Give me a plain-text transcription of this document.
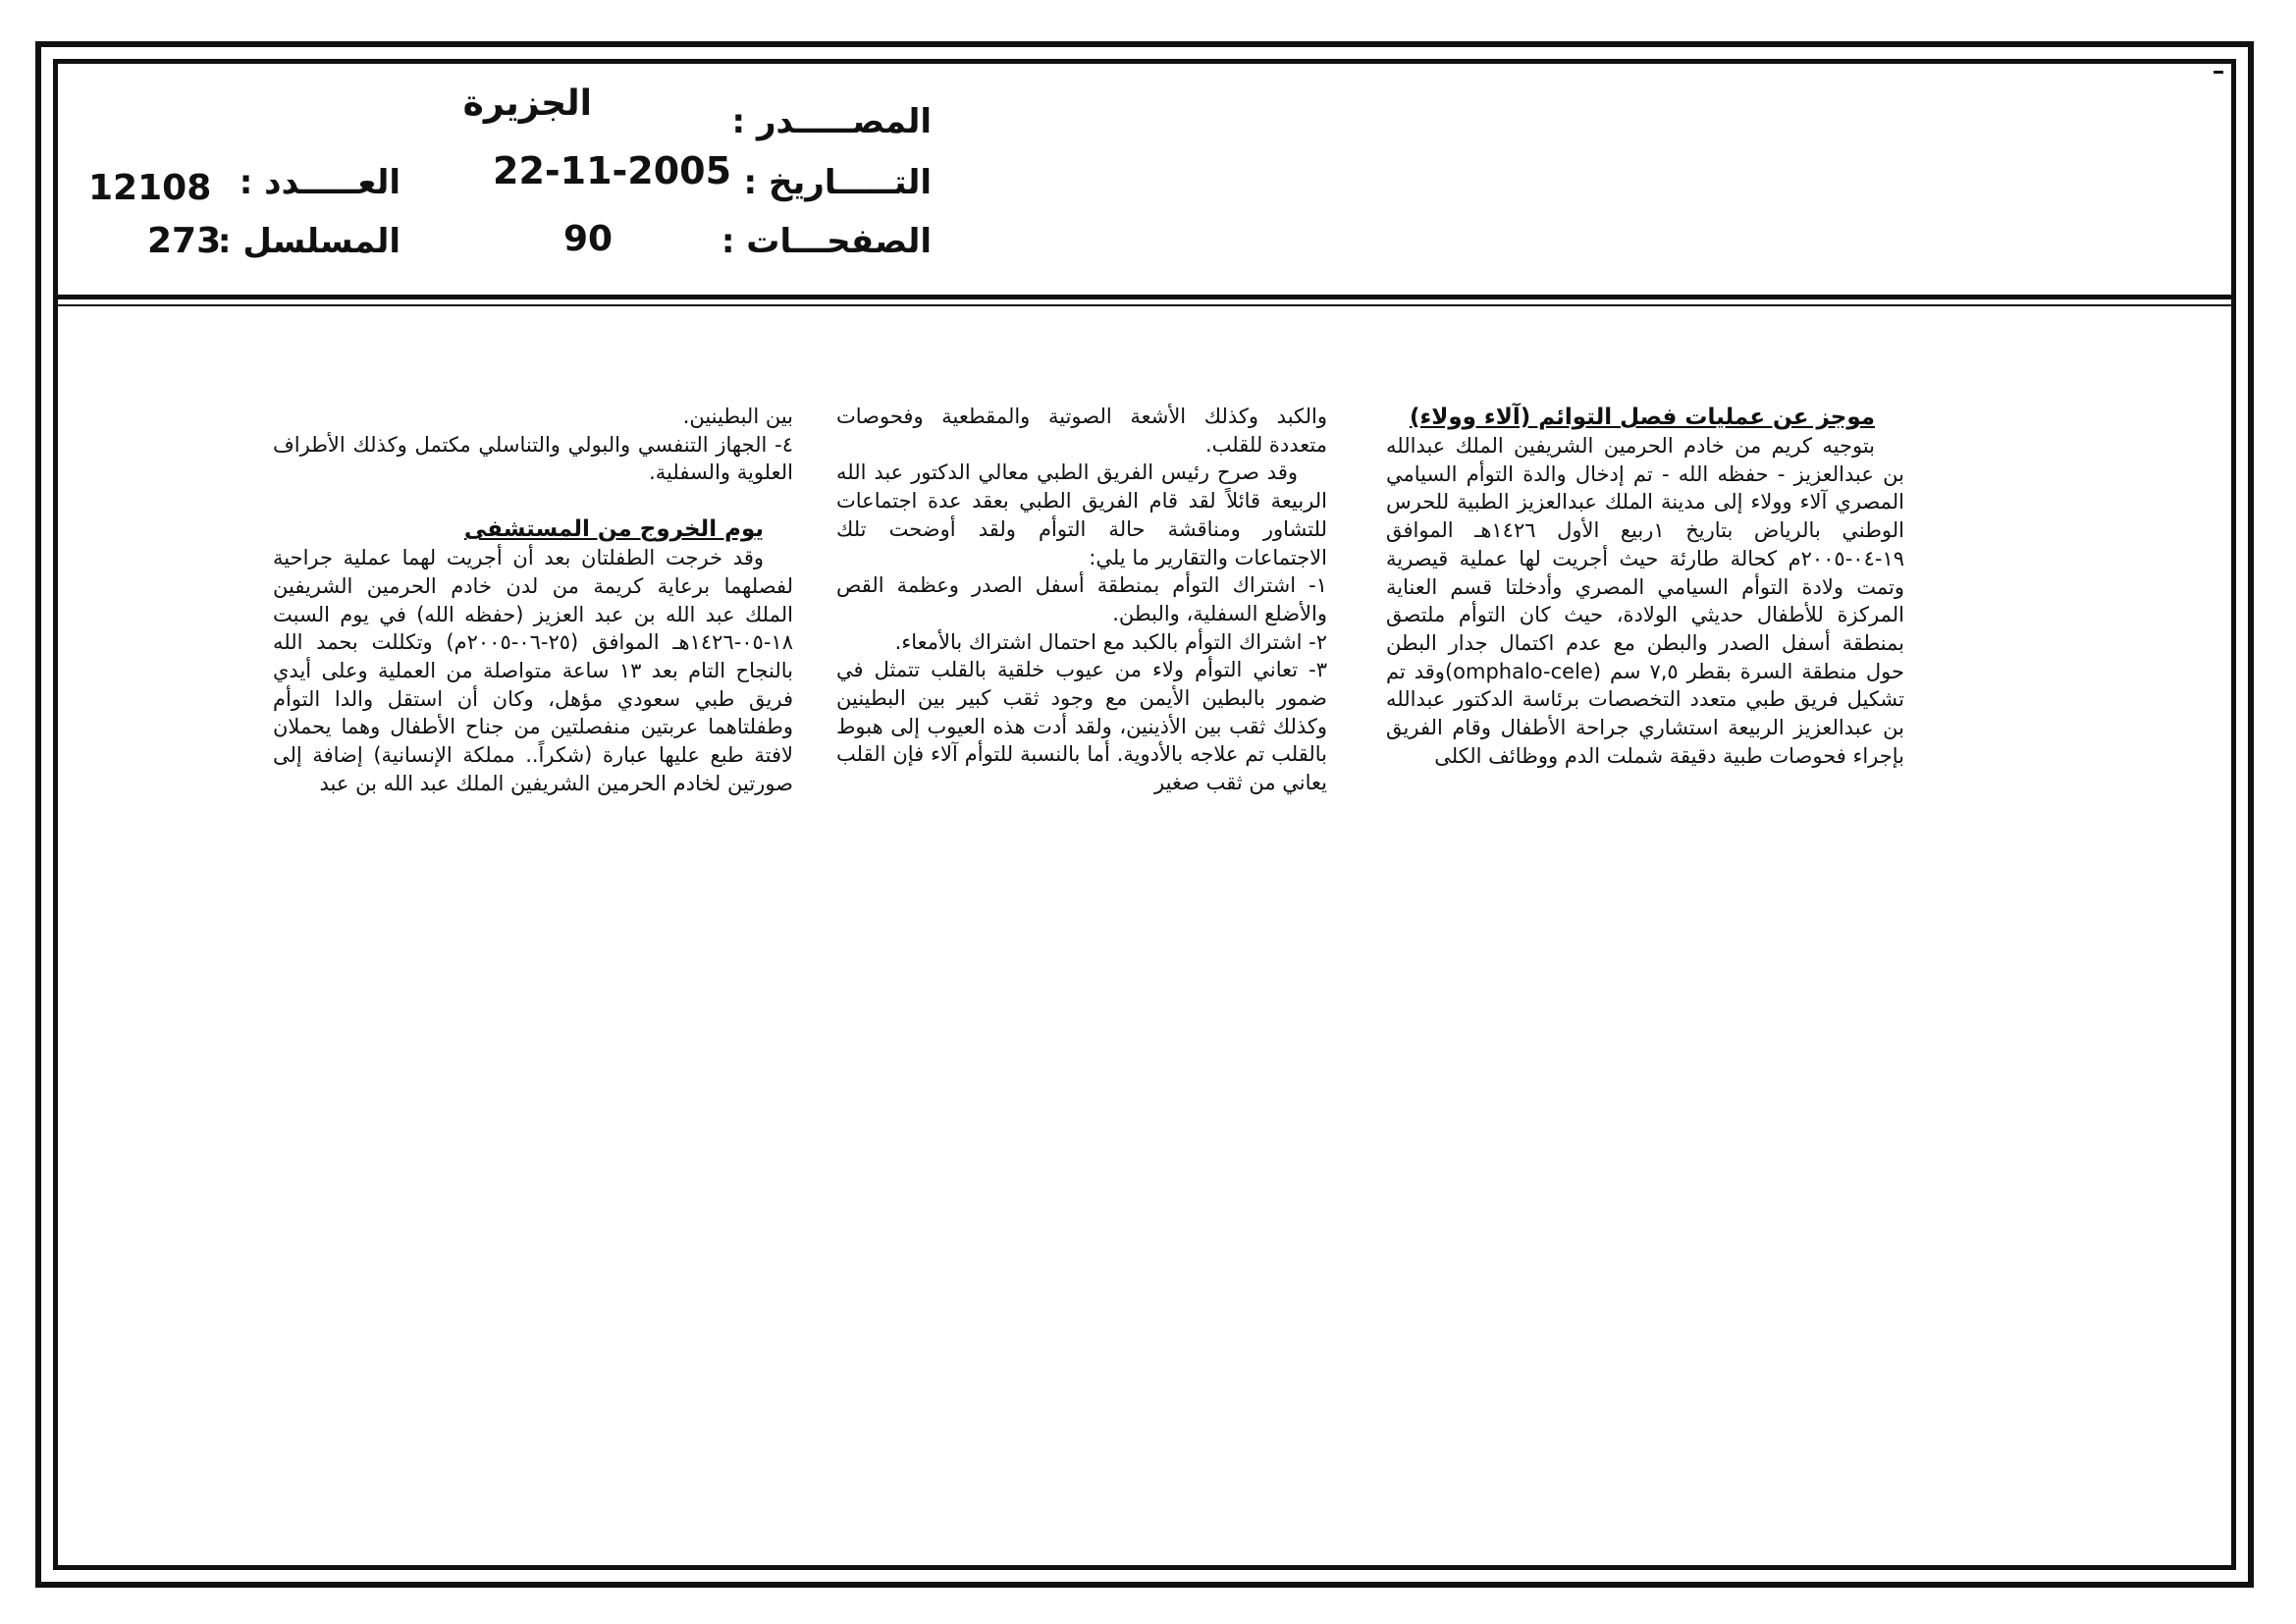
المصـــــدر :
التـــــاريخ :
الصفحـــات :
الجزيرة
22-11-2005
90
العـــــدد :
المسلسل :
12108
273
موجز عن عمليات فصل التوائم (آلاء وولاء)

بتوجيه كريم من خادم الحرمين الشريفين الملك عبدالله بن عبدالعزيز - حفظه الله - تم إدخال والدة التوأم السيامي المصري آلاء وولاء إلى مدينة الملك عبدالعزيز الطبية للحرس الوطني بالرياض بتاريخ ١ربيع الأول ١٤٢٦هـ الموافق ١٩-٠٤-٢٠٠٥م كحالة طارئة حيث أجريت لها عملية قيصرية وتمت ولادة التوأم السيامي المصري وأدخلتا قسم العناية المركزة للأطفال حديثي الولادة، حيث كان التوأم ملتصق بمنطقة أسفل الصدر والبطن مع عدم اكتمال جدار البطن حول منطقة السرة بقطر ٧,٥ سم (omphalo-cele)وقد تم تشكيل فريق طبي متعدد التخصصات برئاسة الدكتور عبدالله بن عبدالعزيز الربيعة استشاري جراحة الأطفال وقام الفريق بإجراء فحوصات طبية دقيقة شملت الدم ووظائف الكلى

والكبد وكذلك الأشعة الصوتية والمقطعية وفحوصات متعددة للقلب.

وقد صرح رئيس الفريق الطبي معالي الدكتور عبد الله الربيعة قائلاً لقد قام الفريق الطبي بعقد عدة اجتماعات للتشاور ومناقشة حالة التوأم ولقد أوضحت تلك الاجتماعات والتقارير ما يلي:

١- اشتراك التوأم بمنطقة أسفل الصدر وعظمة القص والأضلع السفلية، والبطن.

٢- اشتراك التوأم بالكبد مع احتمال اشتراك بالأمعاء.

٣- تعاني التوأم ولاء من عيوب خلقية بالقلب تتمثل في ضمور بالبطين الأيمن مع وجود ثقب كبير بين البطينين وكذلك ثقب بين الأذينين، ولقد أدت هذه العيوب إلى هبوط بالقلب تم علاجه بالأدوية. أما بالنسبة للتوأم آلاء فإن القلب يعاني من ثقب صغير

بين البطينين.

٤- الجهاز التنفسي والبولي والتناسلي مكتمل وكذلك الأطراف العلوية والسفلية.

يوم الخروج من المستشفى

وقد خرجت الطفلتان بعد أن أجريت لهما عملية جراحية لفصلهما برعاية كريمة من لدن خادم الحرمين الشريفين الملك عبد الله بن عبد العزيز (حفظه الله) في يوم السبت ١٨-٠٥-١٤٢٦هـ الموافق (٢٥-٠٦-٢٠٠٥م) وتكللت بحمد الله بالنجاح التام بعد ١٣ ساعة متواصلة من العملية وعلى أيدي فريق طبي سعودي مؤهل، وكان أن استقل والدا التوأم وطفلتاهما عربتين منفصلتين من جناح الأطفال وهما يحملان لافتة طبع عليها عبارة (شكراً.. مملكة الإنسانية) إضافة إلى صورتين لخادم الحرمين الشريفين الملك عبد الله بن عبد
